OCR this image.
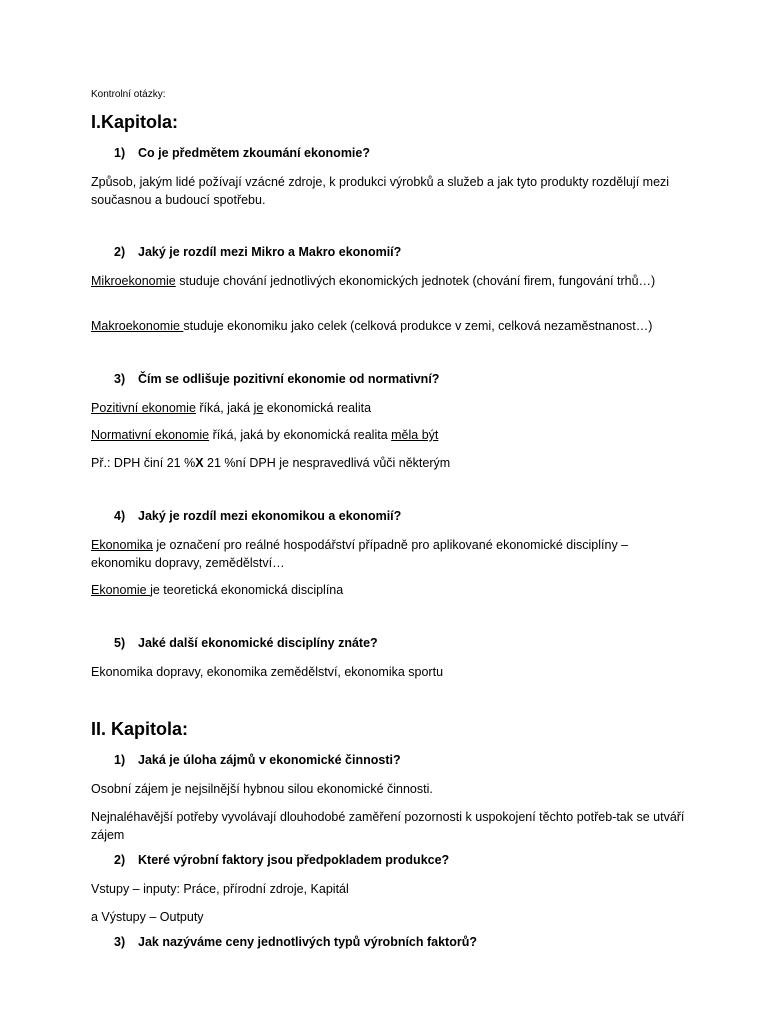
Kontrolní otázky:

I.Kapitola:

1) Co je předmětem zkoumání ekonomie?

Způsob, jakým lidé požívají vzácné zdroje, k produkci výrobků a služeb a jak tyto produkty rozdělují mezi současnou a budoucí spotřebu.

2) Jaký je rozdíl mezi Mikro a Makro ekonomií?

Mikroekonomie studuje chování jednotlivých ekonomických jednotek (chování firem, fungování trhů…)

Makroekonomie studuje ekonomiku jako celek (celková produkce v zemi, celková nezaměstnanost…)

3) Čím se odlišuje pozitivní ekonomie od normativní?

Pozitivní ekonomie říká, jaká je ekonomická realita

Normativní ekonomie říká, jaká by ekonomická realita měla být

Př.: DPH činí 21 %X 21 %ní DPH je nespravedlivá vůči některým

4) Jaký je rozdíl mezi ekonomikou a ekonomií?

Ekonomika je označení pro reálné hospodářství případně pro aplikované ekonomické disciplíny – ekonomiku dopravy, zemědělství…

Ekonomie je teoretická ekonomická disciplína

5) Jaké další ekonomické disciplíny znáte?

Ekonomika dopravy, ekonomika zemědělství, ekonomika sportu

II. Kapitola:

1) Jaká je úloha zájmů v ekonomické činnosti?

Osobní zájem je nejsilnější hybnou silou ekonomické činnosti.

Nejnaléhavější potřeby vyvolávají dlouhodobé zaměření pozornosti k uspokojení těchto potřeb-tak se utváří zájem

2) Které výrobní faktory jsou předpokladem produkce?

Vstupy – inputy: Práce, přírodní zdroje, Kapitál

a Výstupy – Outputy

3) Jak nazýváme ceny jednotlivých typů výrobních faktorů?
